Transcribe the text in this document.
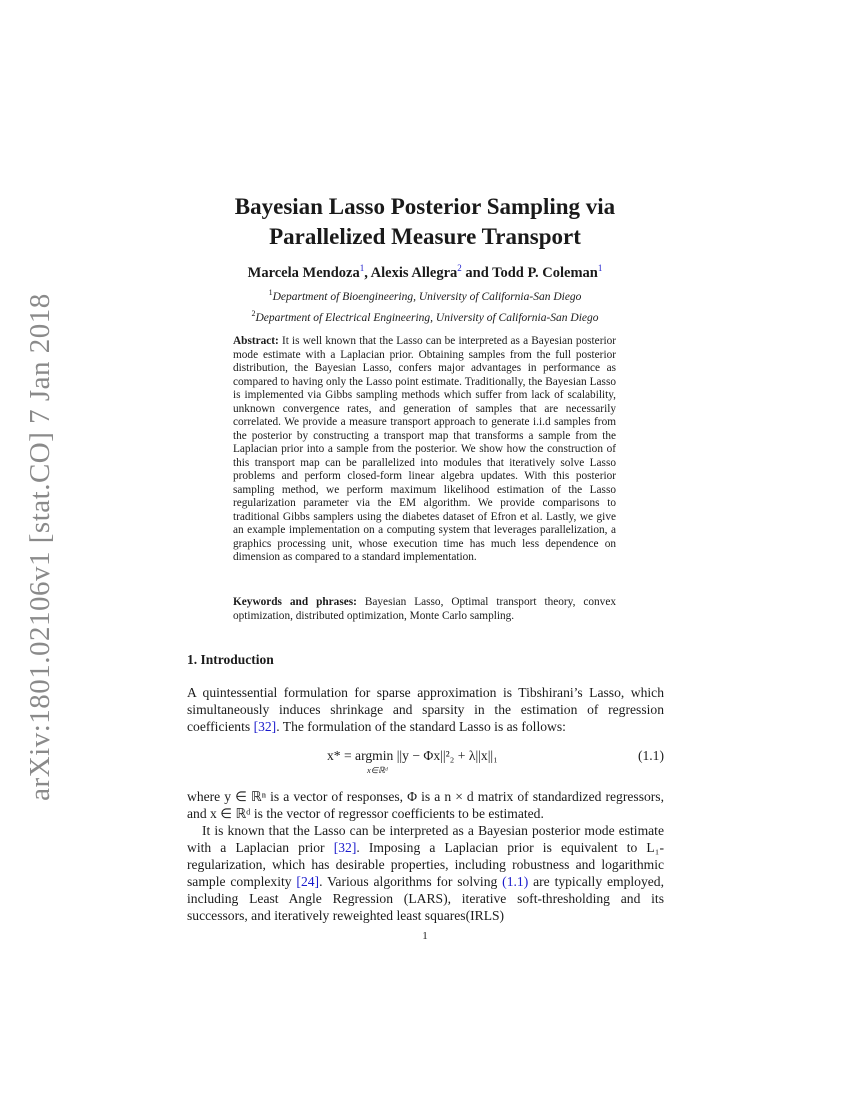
arXiv:1801.02106v1 [stat.CO] 7 Jan 2018
Bayesian Lasso Posterior Sampling via
Parallelized Measure Transport
Marcela Mendoza$^1$, Alexis Allegra$^2$ and Todd P. Coleman$^1$
$^1$Department of Bioengineering, University of California-San Diego
$^2$Department of Electrical Engineering, University of California-San Diego
Abstract: It is well known that the Lasso can be interpreted as a Bayesian posterior mode estimate with a Laplacian prior. Obtaining samples from the full posterior distribution, the Bayesian Lasso, confers major advantages in performance as compared to having only the Lasso point estimate. Traditionally, the Bayesian Lasso is implemented via Gibbs sampling methods which suffer from lack of scalability, unknown convergence rates, and generation of samples that are necessarily correlated. We provide a measure transport approach to generate i.i.d samples from the posterior by constructing a transport map that transforms a sample from the Laplacian prior into a sample from the posterior. We show how the construction of this transport map can be parallelized into modules that iteratively solve Lasso problems and perform closed-form linear algebra updates. With this posterior sampling method, we perform maximum likelihood estimation of the Lasso regularization parameter via the EM algorithm. We provide comparisons to traditional Gibbs samplers using the diabetes dataset of Efron et al. Lastly, we give an example implementation on a computing system that leverages parallelization, a graphics processing unit, whose execution time has much less dependence on dimension as compared to a standard implementation.
Keywords and phrases: Bayesian Lasso, Optimal transport theory, convex optimization, distributed optimization, Monte Carlo sampling.
1. Introduction
A quintessential formulation for sparse approximation is Tibshirani’s Lasso, which simultaneously induces shrinkage and sparsity in the estimation of regression coefficients [32]. The formulation of the standard Lasso is as follows:
x* = argmin ||y − Φx||²₂ + λ||x||₁
x∈ℝᵈ
(1.1)
where y ∈ ℝⁿ is a vector of responses, Φ is a n × d matrix of standardized regressors, and x ∈ ℝᵈ is the vector of regressor coefficients to be estimated.
It is known that the Lasso can be interpreted as a Bayesian posterior mode estimate with a Laplacian prior [32]. Imposing a Laplacian prior is equivalent to L₁-regularization, which has desirable properties, including robustness and logarithmic sample complexity [24]. Various algorithms for solving (1.1) are typically employed, including Least Angle Regression (LARS), iterative soft-thresholding and its successors, and iteratively reweighted least squares(IRLS)
1
